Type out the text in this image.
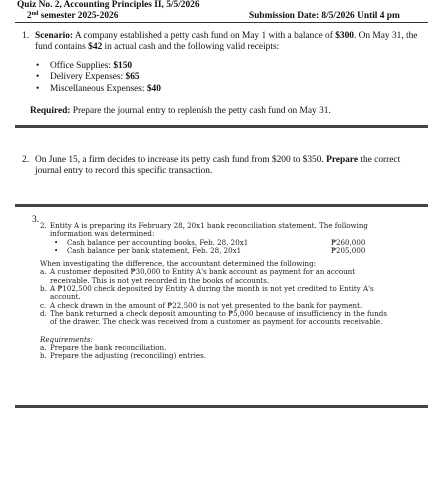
Quiz No. 2, Accounting Principles II, 5/5/2026
2nd semester 2025-2026	Submission Date: 8/5/2026 Until 4 pm
1. Scenario: A company established a petty cash fund on May 1 with a balance of $300. On May 31, the fund contains $42 in actual cash and the following valid receipts:
• Office Supplies: $150
• Delivery Expenses: $65
• Miscellaneous Expenses: $40
Required: Prepare the journal entry to replenish the petty cash fund on May 31.
2. On June 15, a firm decides to increase its petty cash fund from $200 to $350. Prepare the correct journal entry to record this specific transaction.
3.
2. Entity A is preparing its February 28, 20x1 bank reconciliation statement. The following information was determined:
• Cash balance per accounting books, Feb. 28, 20x1	₱260,000
• Cash balance per bank statement, Feb. 28, 20x1	₱205,000
When investigating the difference, the accountant determined the following:
a. A customer deposited ₱30,000 to Entity A's bank account as payment for an account receivable. This is not yet recorded in the books of accounts.
b. A ₱102,500 check deposited by Entity A during the month is not yet credited to Entity A's account.
c. A check drawn in the amount of ₱22,500 is not yet presented to the bank for payment.
d. The bank returned a check deposit amounting to ₱5,000 because of insufficiency in the funds of the drawer. The check was received from a customer as payment for accounts receivable.
Requirements:
a. Prepare the bank reconciliation.
b. Prepare the adjusting (reconciling) entries.
